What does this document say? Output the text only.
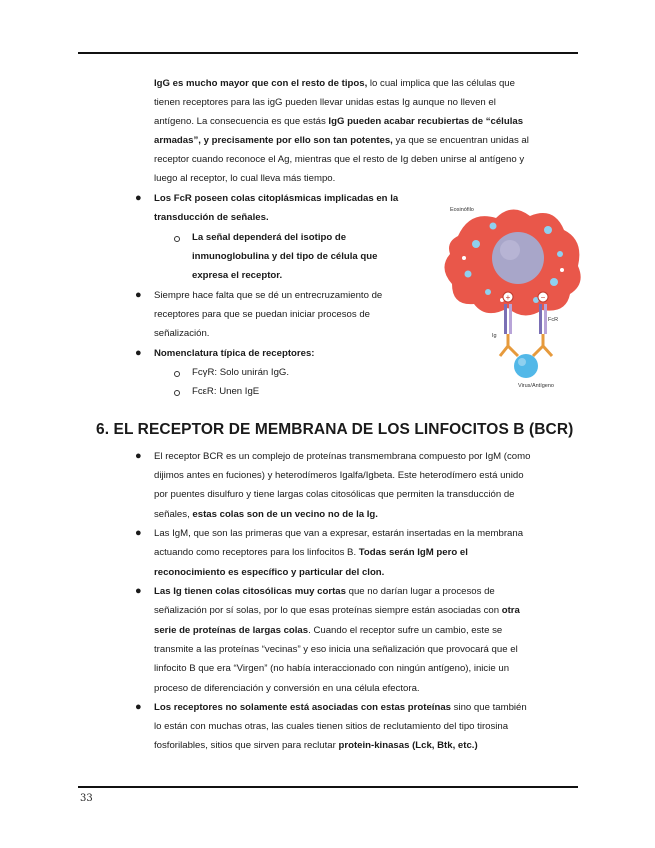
IgG es mucho mayor que con el resto de tipos, lo cual implica que las células que

tienen receptores para las igG pueden llevar unidas estas Ig aunque no lleven el

antígeno. La consecuencia es que estás IgG pueden acabar recubiertas de “células

armadas”, y precisamente por ello son tan potentes, ya que se encuentran unidas al

receptor cuando reconoce el Ag, mientras que el resto de Ig deben unirse al antígeno y

luego al receptor, lo cual lleva más tiempo.

● Los FcR poseen colas citoplásmicas implicadas en la

transducción de señales.

La señal dependerá del isotipo de

inmunoglobulina y del tipo de célula que

expresa el receptor.

● Siempre hace falta que se dé un entrecruzamiento de

receptores para que se puedan iniciar procesos de

señalización.

● Nomenclatura típica de receptores:

FcγR: Solo unirán IgG.

FcεR: Unen IgE

+	−
Eosinófilo
FcR
Ig
Virus/Antígeno
6. EL RECEPTOR DE MEMBRANA DE LOS LINFOCITOS B (BCR)
● El receptor BCR es un complejo de proteínas transmembrana compuesto por IgM (como

dijimos antes en fuciones) y heterodímeros Igalfa/Igbeta. Este heterodímero está unido

por puentes disulfuro y tiene largas colas citosólicas que permiten la transducción de

señales, estas colas son de un vecino no de la Ig.

● Las IgM, que son las primeras que van a expresar, estarán insertadas en la membrana

actuando como receptores para los linfocitos B. Todas serán IgM pero el

reconocimiento es específico y particular del clon.

● Las Ig tienen colas citosólicas muy cortas que no darían lugar a procesos de

señalización por sí solas, por lo que esas proteínas siempre están asociadas con otra

serie de proteínas de largas colas. Cuando el receptor sufre un cambio, este se

transmite a las proteínas “vecinas” y eso inicia una señalización que provocará que el

linfocito B que era “Virgen” (no había interaccionado con ningún antígeno), inicie un

proceso de diferenciación y conversión en una célula efectora.

● Los receptores no solamente está asociadas con estas proteínas sino que también

lo están con muchas otras, las cuales tienen sitios de reclutamiento del tipo tirosina

fosforilables, sitios que sirven para reclutar protein-kinasas (Lck, Btk, etc.)

33
